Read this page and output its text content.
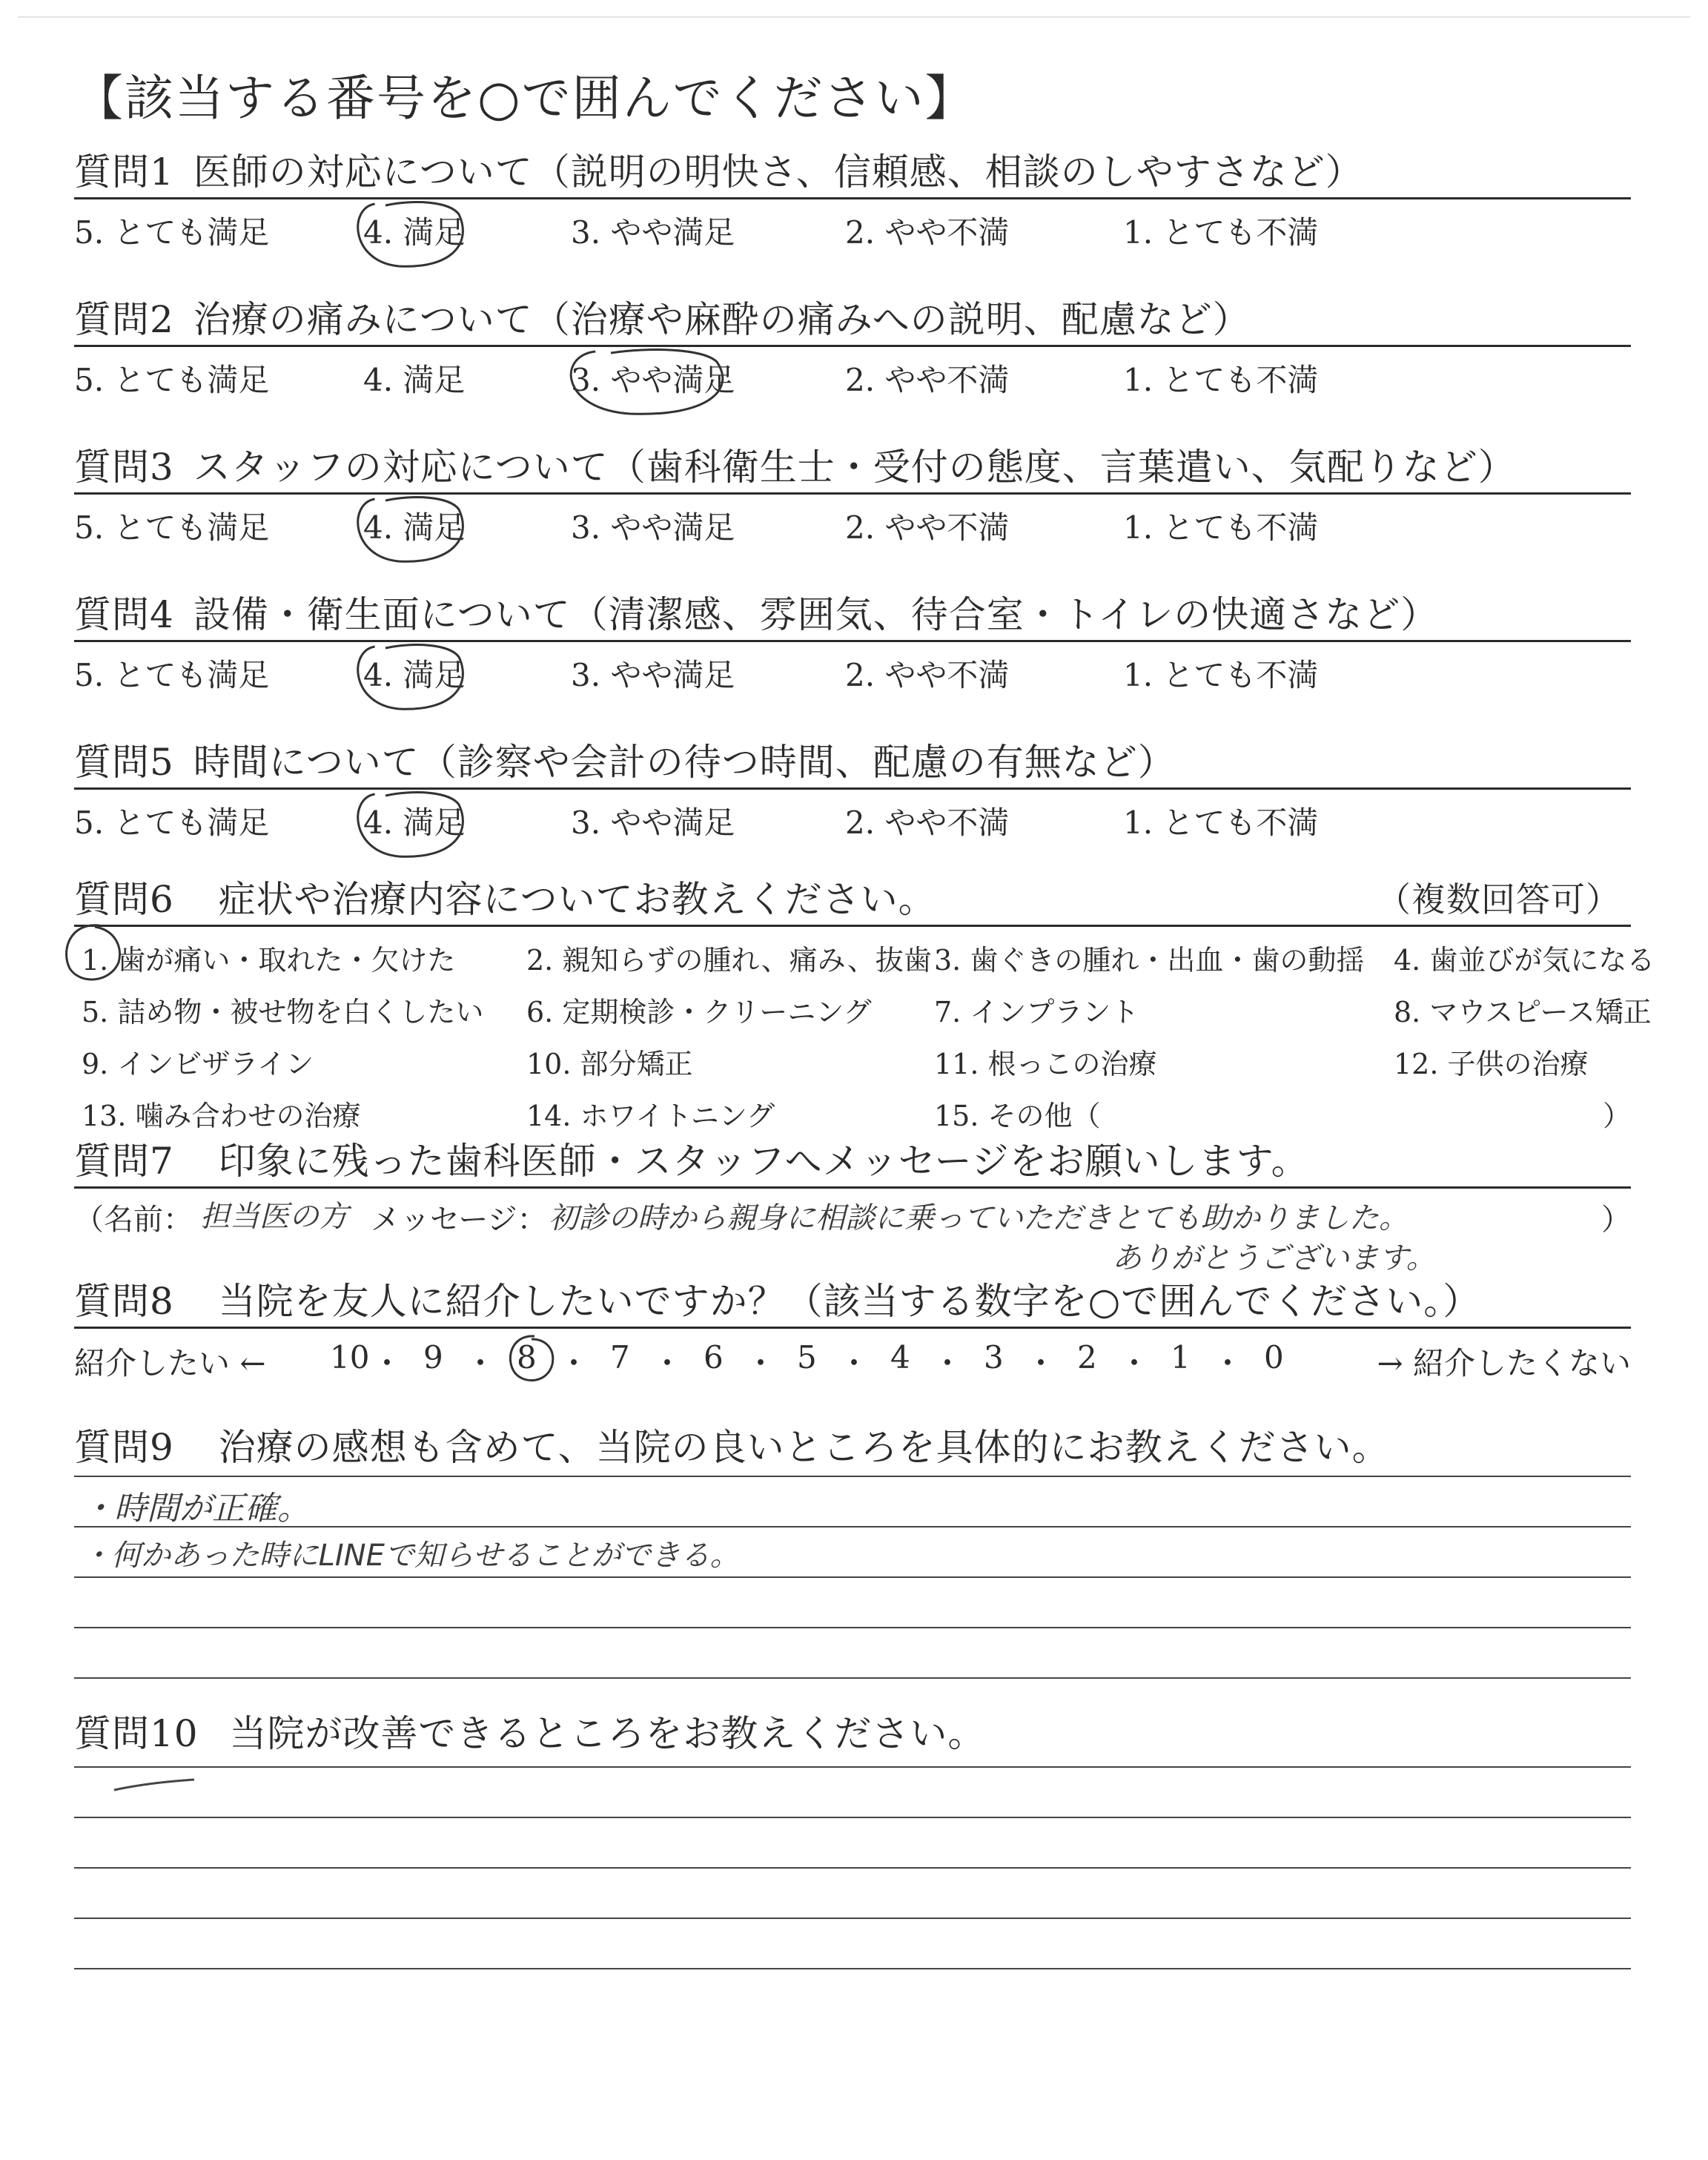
【該当する番号を○で囲んでください】
質問1 医師の対応について（説明の明快さ、信頼感、相談のしやすさなど）
5. とても満足	4. 満足	3. やや満足	2. やや不満	1. とても不満
質問2 治療の痛みについて（治療や麻酔の痛みへの説明、配慮など）
5. とても満足	4. 満足	3. やや満足	2. やや不満	1. とても不満
質問3 スタッフの対応について（歯科衛生士・受付の態度、言葉遣い、気配りなど）
5. とても満足	4. 満足	3. やや満足	2. やや不満	1. とても不満
質問4 設備・衛生面について（清潔感、雰囲気、待合室・トイレの快適さなど）
5. とても満足	4. 満足	3. やや満足	2. やや不満	1. とても不満
質問5 時間について（診察や会計の待つ時間、配慮の有無など）
5. とても満足	4. 満足	3. やや満足	2. やや不満	1. とても不満
質問6 症状や治療内容についてお教えください。	（複数回答可）
1. 歯が痛い・取れた・欠けた	2. 親知らずの腫れ、痛み、抜歯 3. 歯ぐきの腫れ・出血・歯の動揺 4. 歯並びが気になる
5. 詰め物・被せ物を白くしたい 6. 定期検診・クリーニング 7. インプラント	8. マウスピース矯正
9. インビザライン	10. 部分矯正	11. 根っこの治療	12. 子供の治療
13. 噛み合わせの治療	14. ホワイトニング	15. その他（	）
質問7 印象に残った歯科医師・スタッフへメッセージをお願いします。
（名前： 担当医の方 メッセージ： 初診の時から親身に相談に乗っていただきとても助かりました。
ありがとうございます。
）
質問8 当院を友人に紹介したいですか？（該当する数字を○で囲んでください。）
紹介したい ←	→ 紹介したくない
10 ・ 9 ・ 8 ・ 7 ・ 6 ・ 5 ・ 4 ・ 3 ・ 2 ・ 1 ・ 0
質問9 治療の感想も含めて、当院の良いところを具体的にお教えください。
・時間が正確。
・何かあった時にLINEで知らせることができる。
質問10 当院が改善できるところをお教えください。
